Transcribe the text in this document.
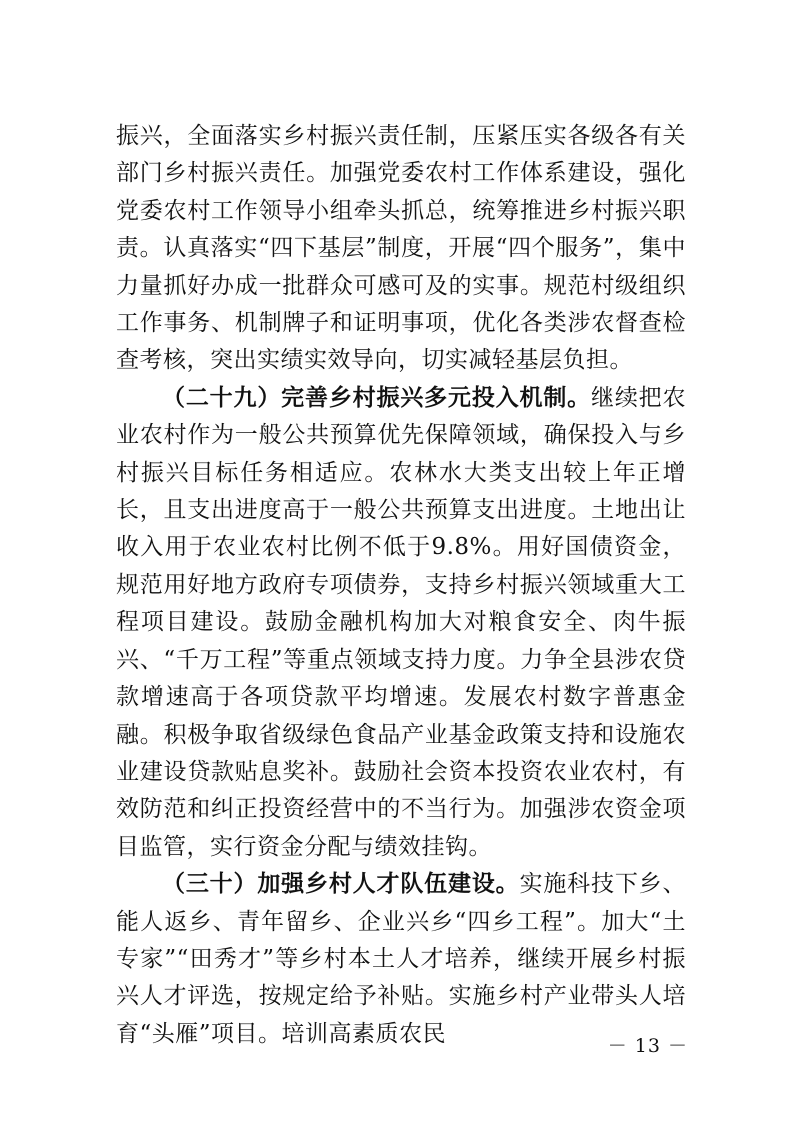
振兴，全面落实乡村振兴责任制，压紧压实各级各有关部门乡村振兴责任。加强党委农村工作体系建设，强化党委农村工作领导小组牵头抓总，统筹推进乡村振兴职责。认真落实“四下基层”制度，开展“四个服务”，集中力量抓好办成一批群众可感可及的实事。规范村级组织工作事务、机制牌子和证明事项，优化各类涉农督查检查考核，突出实绩实效导向，切实减轻基层负担。

（二十九）完善乡村振兴多元投入机制。继续把农业农村作为一般公共预算优先保障领域，确保投入与乡村振兴目标任务相适应。农林水大类支出较上年正增长，且支出进度高于一般公共预算支出进度。土地出让收入用于农业农村比例不低于9.8%。用好国债资金，规范用好地方政府专项债券，支持乡村振兴领域重大工程项目建设。鼓励金融机构加大对粮食安全、肉牛振兴、“千万工程”等重点领域支持力度。力争全县涉农贷款增速高于各项贷款平均增速。发展农村数字普惠金融。积极争取省级绿色食品产业基金政策支持和设施农业建设贷款贴息奖补。鼓励社会资本投资农业农村，有效防范和纠正投资经营中的不当行为。加强涉农资金项目监管，实行资金分配与绩效挂钩。

（三十）加强乡村人才队伍建设。实施科技下乡、能人返乡、青年留乡、企业兴乡“四乡工程”。加大“土专家”“田秀才”等乡村本土人才培养，继续开展乡村振兴人才评选，按规定给予补贴。实施乡村产业带头人培育“头雁”项目。培训高素质农民	－ 13 －
